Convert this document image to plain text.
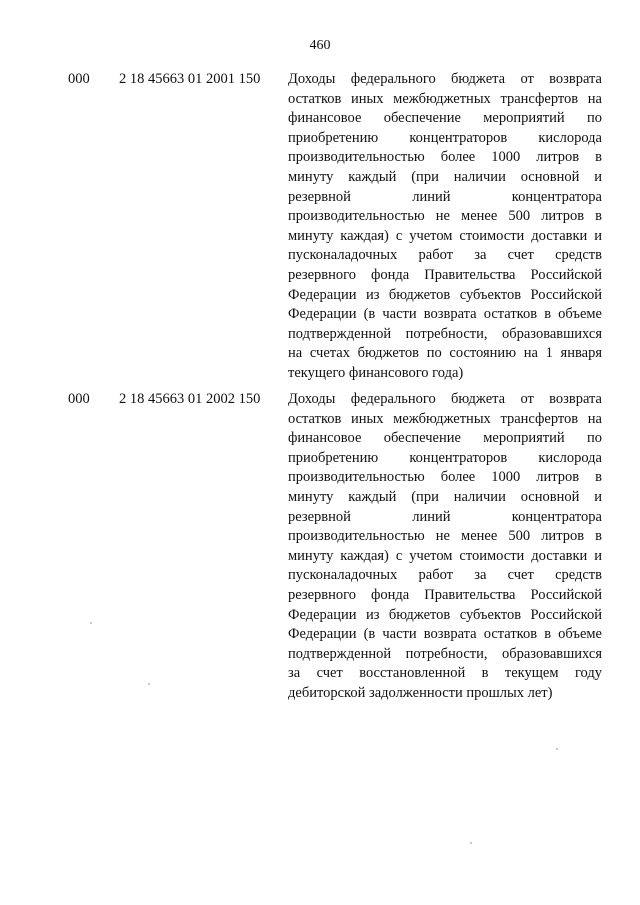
460
000 2 18 45663 01 2001 150 Доходы федерального бюджета от возврата
остатков иных межбюджетных трансфертов на
финансовое обеспечение мероприятий по
приобретению концентраторов кислорода
производительностью более 1000 литров в
минуту каждый (при наличии основной и
резервной линий концентратора
производительностью не менее 500 литров в
минуту каждая) с учетом стоимости доставки и
пусконаладочных работ за счет средств
резервного фонда Правительства Российской
Федерации из бюджетов субъектов Российской
Федерации (в части возврата остатков в объеме
подтвержденной потребности, образовавшихся
на счетах бюджетов по состоянию на 1 января
текущего финансового года)
000 2 18 45663 01 2002 150 Доходы федерального бюджета от возврата
остатков иных межбюджетных трансфертов на
финансовое обеспечение мероприятий по
приобретению концентраторов кислорода
производительностью более 1000 литров в
минуту каждый (при наличии основной и
резервной линий концентратора
производительностью не менее 500 литров в
минуту каждая) с учетом стоимости доставки и
пусконаладочных работ за счет средств
резервного фонда Правительства Российской
Федерации из бюджетов субъектов Российской
Федерации (в части возврата остатков в объеме
подтвержденной потребности, образовавшихся
за счет восстановленной в текущем году
дебиторской задолженности прошлых лет)
